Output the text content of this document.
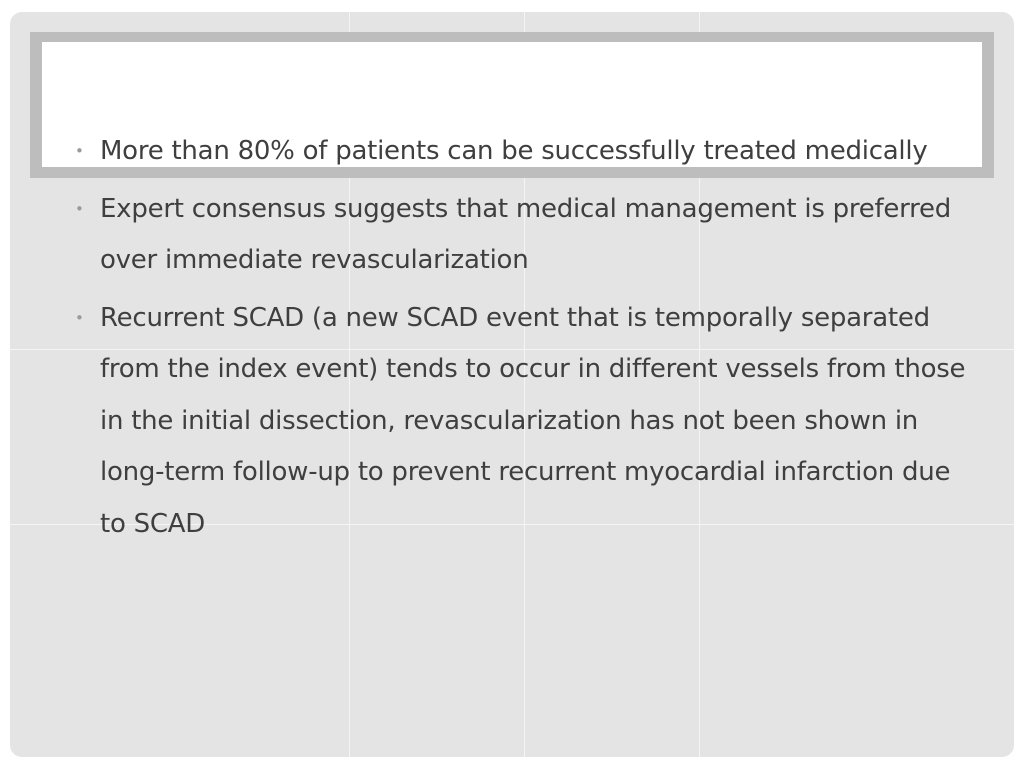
• More than 80% of patients can be successfully treated medically
• Expert consensus suggests that medical management is preferred over immediate revascularization
• Recurrent SCAD (a new SCAD event that is temporally separated from the index event) tends to occur in different vessels from those in the initial dissection, revascularization has not been shown in long-term follow-up to prevent recurrent myocardial infarction due to SCAD
